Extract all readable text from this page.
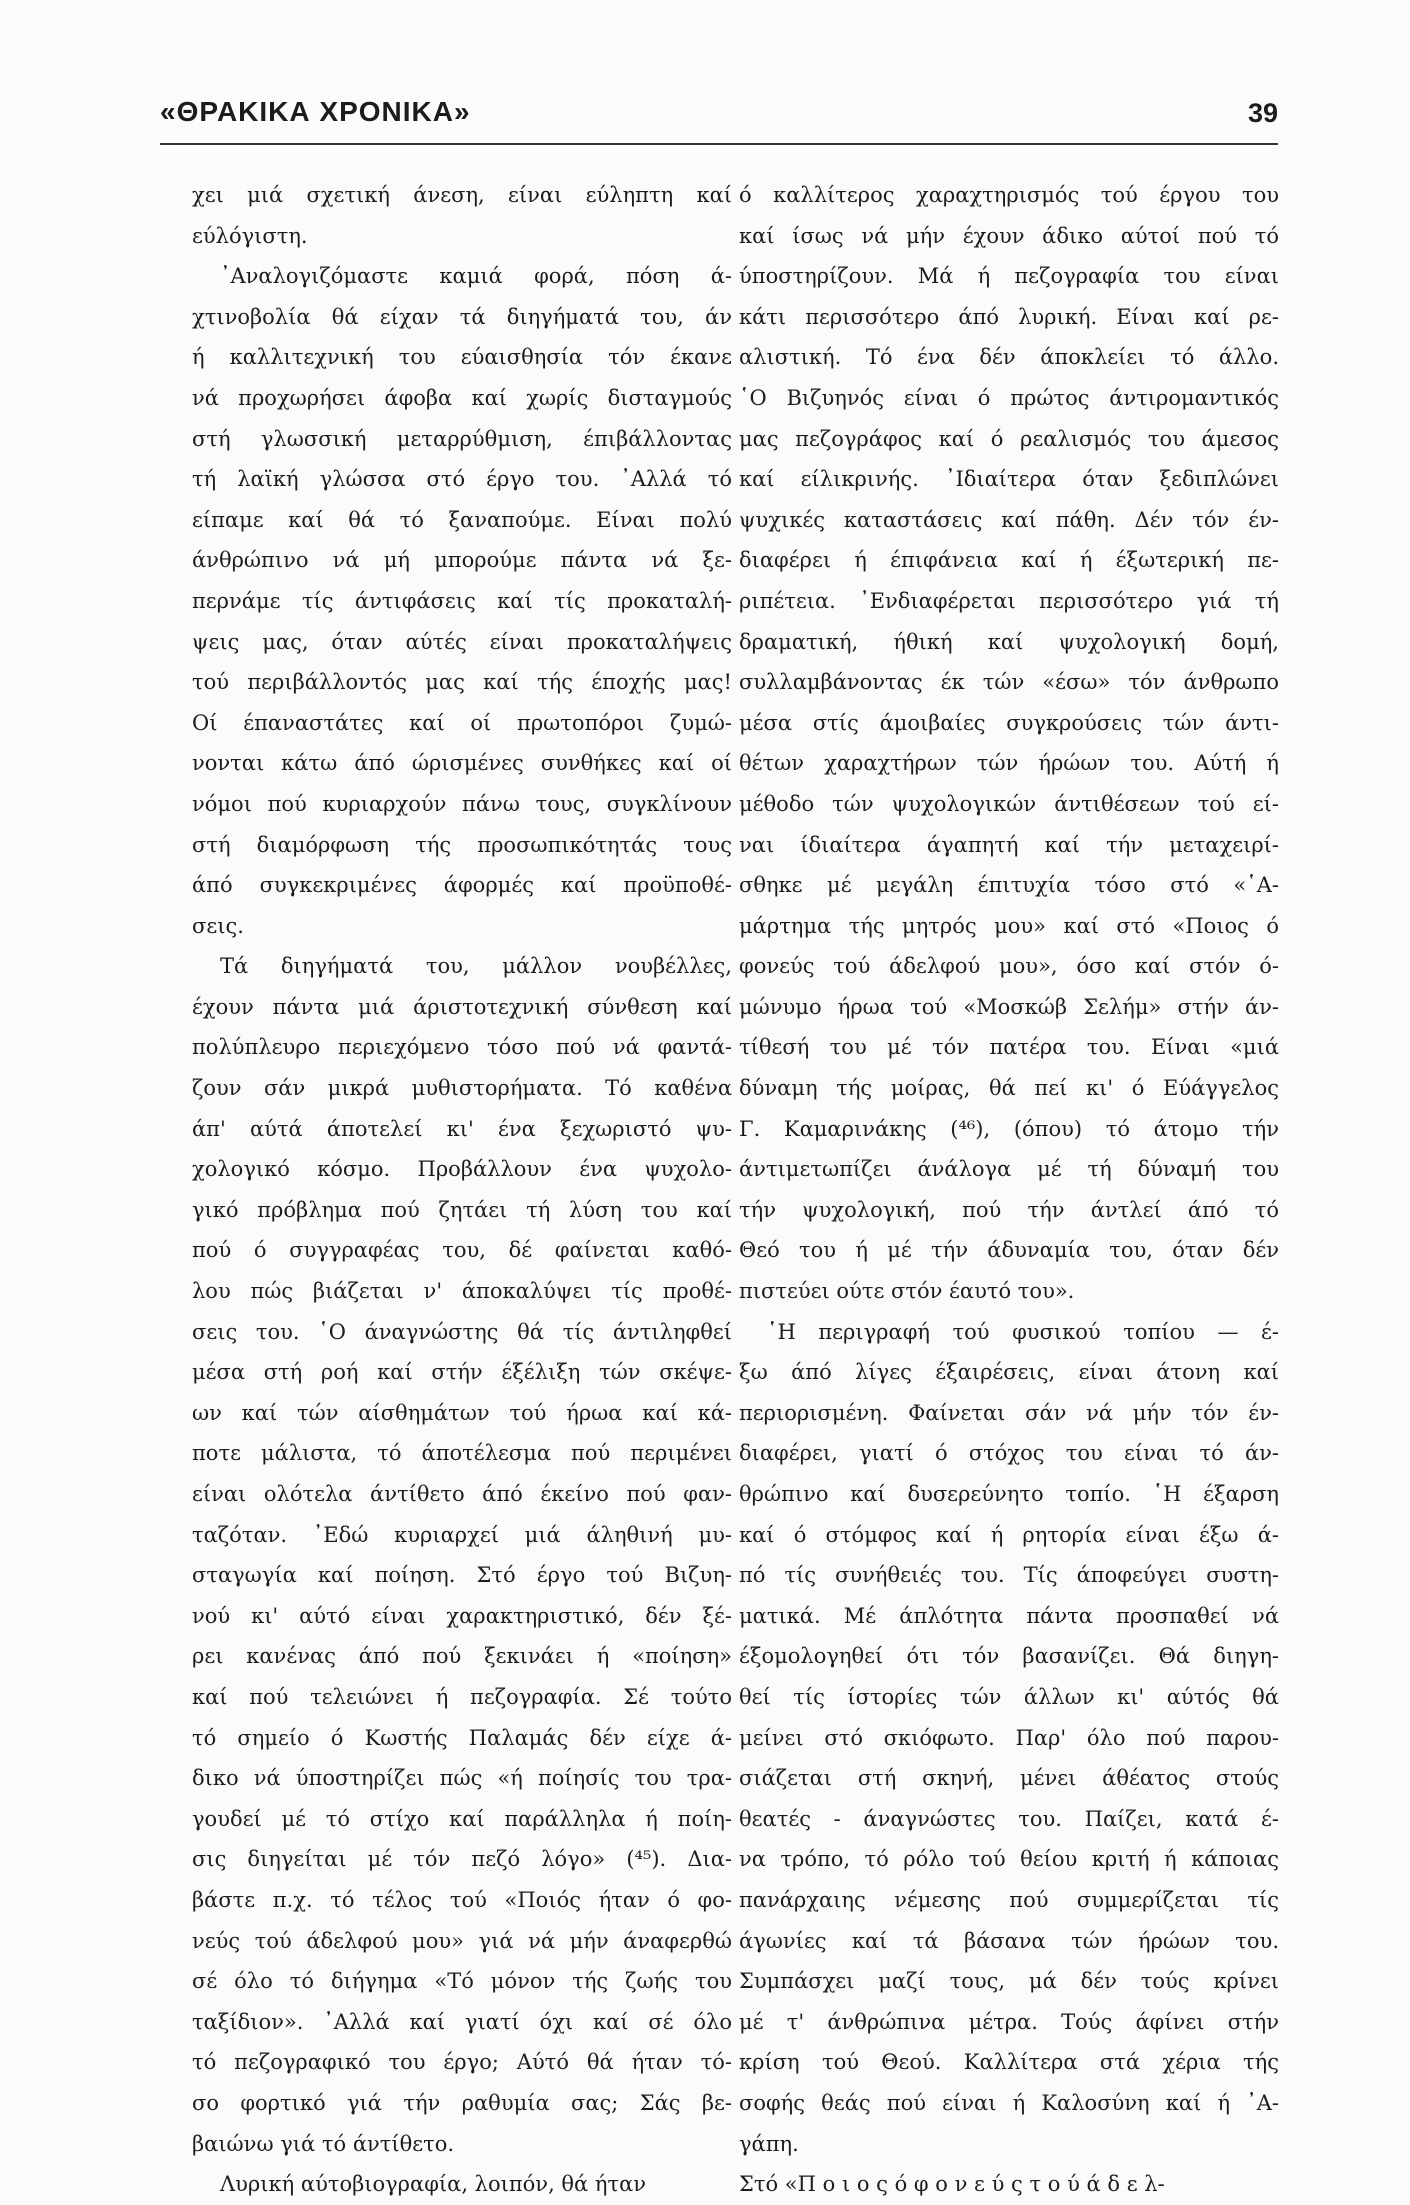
«ΘΡΑΚΙΚΑ ΧΡΟΝΙΚΑ»	39
χει μιά σχετική άνεση, είναι εύληπτη καί
εύλόγιστη.
᾿Αναλογιζόμαστε καμιά φορά, πόση ά-
χτινοβολία θά είχαν τά διηγήματά του, άν
ή καλλιτεχνική του εύαισθησία τόν έκανε
νά προχωρήσει άφοβα καί χωρίς δισταγμούς
στή γλωσσική μεταρρύθμιση, έπιβάλλοντας
τή λαϊκή γλώσσα στό έργο του. ᾿Αλλά τό
είπαμε καί θά τό ξαναπούμε. Είναι πολύ
άνθρώπινο νά μή μπορούμε πάντα νά ξε-
περνάμε τίς άντιφάσεις καί τίς προκαταλή-
ψεις μας, όταν αύτές είναι προκαταλήψεις
τού περιβάλλοντός μας καί τής έποχής μας!
Οί έπαναστάτες καί οί πρωτοπόροι ζυμώ-
νονται κάτω άπό ώρισμένες συνθήκες καί οί
νόμοι πού κυριαρχούν πάνω τους, συγκλίνουν
στή διαμόρφωση τής προσωπικότητάς τους
άπό συγκεκριμένες άφορμές καί προϋποθέ-
σεις.
Τά διηγήματά του, μάλλον νουβέλλες,
έχουν πάντα μιά άριστοτεχνική σύνθεση καί
πολύπλευρο περιεχόμενο τόσο πού νά φαντά-
ζουν σάν μικρά μυθιστορήματα. Τό καθένα
άπ' αύτά άποτελεί κι' ένα ξεχωριστό ψυ-
χολογικό κόσμο. Προβάλλουν ένα ψυχολο-
γικό πρόβλημα πού ζητάει τή λύση του καί
πού ό συγγραφέας του, δέ φαίνεται καθό-
λου πώς βιάζεται ν' άποκαλύψει τίς προθέ-
σεις του. ῾Ο άναγνώστης θά τίς άντιληφθεί
μέσα στή ροή καί στήν έξέλιξη τών σκέψε-
ων καί τών αίσθημάτων τού ήρωα καί κά-
ποτε μάλιστα, τό άποτέλεσμα πού περιμένει
είναι ολότελα άντίθετο άπό έκείνο πού φαν-
ταζόταν. ᾿Εδώ κυριαρχεί μιά άληθινή μυ-
σταγωγία καί ποίηση. Στό έργο τού Βιζυη-
νού κι' αύτό είναι χαρακτηριστικό, δέν ξέ-
ρει κανένας άπό πού ξεκινάει ή «ποίηση»
καί πού τελειώνει ή πεζογραφία. Σέ τούτο
τό σημείο ό Κωστής Παλαμάς δέν είχε ά-
δικο νά ύποστηρίζει πώς «ή ποίησίς του τρα-
γουδεί μέ τό στίχο καί παράλληλα ή ποίη-
σις διηγείται μέ τόν πεζό λόγο» (⁴⁵). Δια-
βάστε π.χ. τό τέλος τού «Ποιός ήταν ό φο-
νεύς τού άδελφού μου» γιά νά μήν άναφερθώ
σέ όλο τό διήγημα «Τό μόνον τής ζωής του
ταξίδιον». ᾿Αλλά καί γιατί όχι καί σέ όλο
τό πεζογραφικό του έργο; Αύτό θά ήταν τό-
σο φορτικό γιά τήν ραθυμία σας; Σάς βε-
βαιώνω γιά τό άντίθετο.
Λυρική αύτοβιογραφία, λοιπόν, θά ήταν
ό καλλίτερος χαραχτηρισμός τού έργου του
καί ίσως νά μήν έχουν άδικο αύτοί πού τό
ύποστηρίζουν. Μά ή πεζογραφία του είναι
κάτι περισσότερο άπό λυρική. Είναι καί ρε-
αλιστική. Τό ένα δέν άποκλείει τό άλλο.
῾Ο Βιζυηνός είναι ό πρώτος άντιρομαντικός
μας πεζογράφος καί ό ρεαλισμός του άμεσος
καί είλικρινής. ᾿Ιδιαίτερα όταν ξεδιπλώνει
ψυχικές καταστάσεις καί πάθη. Δέν τόν έν-
διαφέρει ή έπιφάνεια καί ή έξωτερική πε-
ριπέτεια. ᾿Ενδιαφέρεται περισσότερο γιά τή
δραματική, ήθική καί ψυχολογική δομή,
συλλαμβάνοντας έκ τών «έσω» τόν άνθρωπο
μέσα στίς άμοιβαίες συγκρούσεις τών άντι-
θέτων χαραχτήρων τών ήρώων του. Αύτή ή
μέθοδο τών ψυχολογικών άντιθέσεων τού εί-
ναι ίδιαίτερα άγαπητή καί τήν μεταχειρί-
σθηκε μέ μεγάλη έπιτυχία τόσο στό «῾Α-
μάρτημα τής μητρός μου» καί στό «Ποιος ό
φονεύς τού άδελφού μου», όσο καί στόν ό-
μώνυμο ήρωα τού «Μοσκώβ Σελήμ» στήν άν-
τίθεσή του μέ τόν πατέρα του. Είναι «μιά
δύναμη τής μοίρας, θά πεί κι' ό Εύάγγελος
Γ. Καμαρινάκης (⁴⁶), (όπου) τό άτομο τήν
άντιμετωπίζει άνάλογα μέ τή δύναμή του
τήν ψυχολογική, πού τήν άντλεί άπό τό
Θεό του ή μέ τήν άδυναμία του, όταν δέν
πιστεύει ούτε στόν έαυτό του».
῾Η περιγραφή τού φυσικού τοπίου — έ-
ξω άπό λίγες έξαιρέσεις, είναι άτονη καί
περιορισμένη. Φαίνεται σάν νά μήν τόν έν-
διαφέρει, γιατί ό στόχος του είναι τό άν-
θρώπινο καί δυσερεύνητο τοπίο. ῾Η έξαρση
καί ό στόμφος καί ή ρητορία είναι έξω ά-
πό τίς συνήθειές του. Τίς άποφεύγει συστη-
ματικά. Μέ άπλότητα πάντα προσπαθεί νά
έξομολογηθεί ότι τόν βασανίζει. Θά διηγη-
θεί τίς ίστορίες τών άλλων κι' αύτός θά
μείνει στό σκιόφωτο. Παρ' όλο πού παρου-
σιάζεται στή σκηνή, μένει άθέατος στούς
θεατές - άναγνώστες του. Παίζει, κατά έ-
να τρόπο, τό ρόλο τού θείου κριτή ή κάποιας
πανάρχαιης νέμεσης πού συμμερίζεται τίς
άγωνίες καί τά βάσανα τών ήρώων του.
Συμπάσχει μαζί τους, μά δέν τούς κρίνει
μέ τ' άνθρώπινα μέτρα. Τούς άφίνει στήν
κρίση τού Θεού. Καλλίτερα στά χέρια τής
σοφής θεάς πού είναι ή Καλοσύνη καί ή ᾿Α-
γάπη.
Στό «Π ο ι ο ς ό φ ο ν ε ύ ς τ ο ύ ά δ ε λ-
